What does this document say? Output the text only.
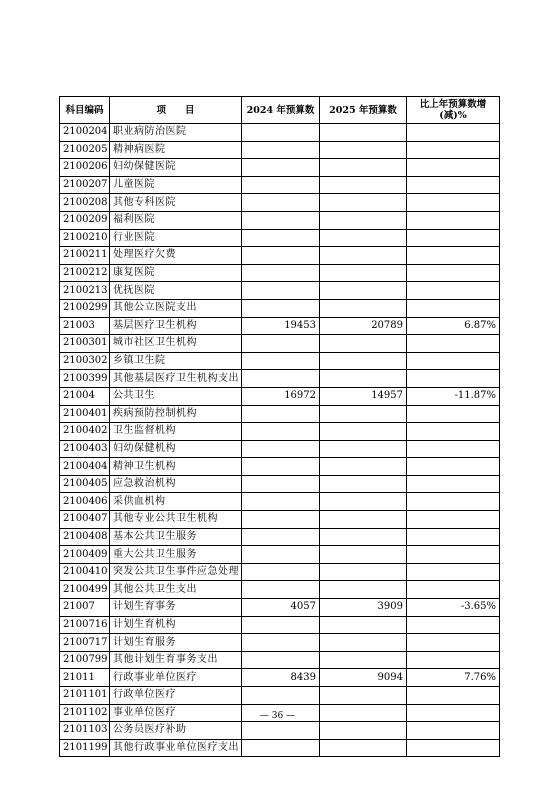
科目编码	项　　目	2024 年预算数	2025 年预算数	比上年预算数增(减)%
2100204	职业病防治医院			
2100205	精神病医院			
2100206	妇幼保健医院			
2100207	儿童医院			
2100208	其他专科医院			
2100209	福利医院			
2100210	行业医院			
2100211	处理医疗欠费			
2100212	康复医院			
2100213	优抚医院			
2100299	其他公立医院支出			
21003	基层医疗卫生机构	19453	20789	6.87%
2100301	城市社区卫生机构			
2100302	乡镇卫生院			
2100399	其他基层医疗卫生机构支出			
21004	公共卫生	16972	14957	-11.87%
2100401	疾病预防控制机构			
2100402	卫生监督机构			
2100403	妇幼保健机构			
2100404	精神卫生机构			
2100405	应急救治机构			
2100406	采供血机构			
2100407	其他专业公共卫生机构			
2100408	基本公共卫生服务			
2100409	重大公共卫生服务			
2100410	突发公共卫生事件应急处理			
2100499	其他公共卫生支出			
21007	计划生育事务	4057	3909	-3.65%
2100716	计划生育机构			
2100717	计划生育服务			
2100799	其他计划生育事务支出			
21011	行政事业单位医疗	8439	9094	7.76%
2101101	行政单位医疗			
2101102	事业单位医疗			
2101103	公务员医疗补助			
2101199	其他行政事业单位医疗支出			
— 36 —
